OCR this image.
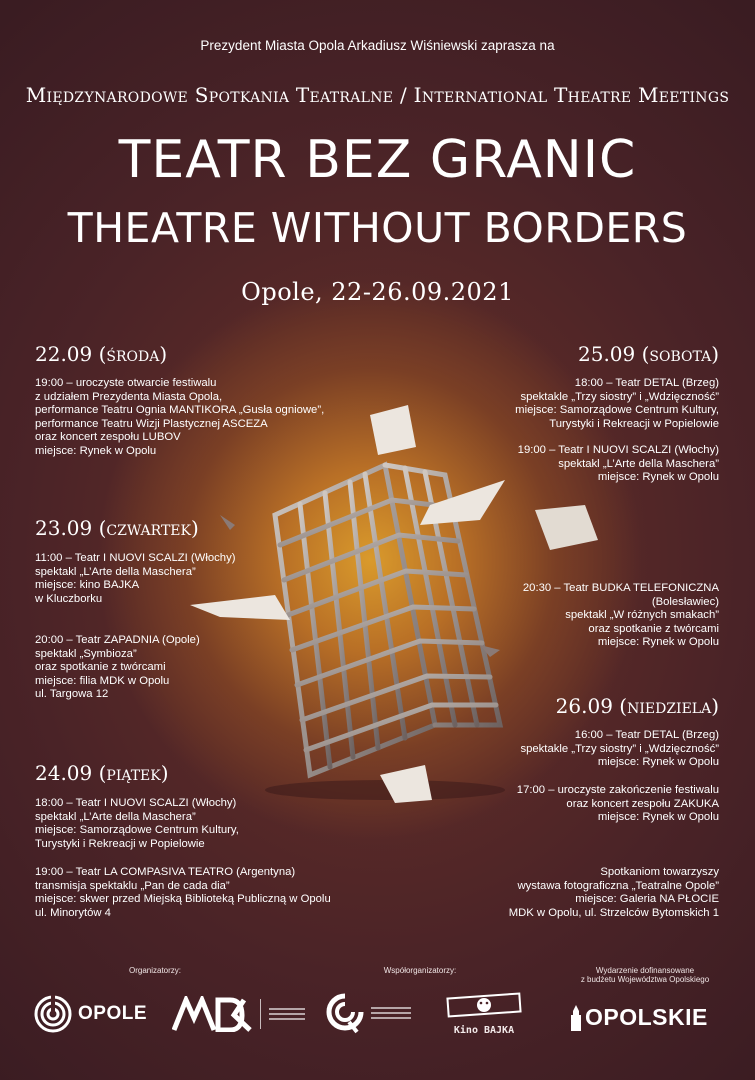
Prezydent Miasta Opola Arkadiusz Wiśniewski zaprasza na
Międzynarodowe Spotkania Teatralne / International Theatre Meetings
TEATR BEZ GRANIC
THEATRE WITHOUT BORDERS
Opole, 22-26.09.2021
22.09 (środa)
19:00 – uroczyste otwarcie festiwalu
z udziałem Prezydenta Miasta Opola,
performance Teatru Ognia MANTIKORA „Gusła ogniowe”,
performance Teatru Wizji Plastycznej ASCEZA
oraz koncert zespołu LUBOV
miejsce: Rynek w Opolu
23.09 (czwartek)
11:00 – Teatr I NUOVI SCALZI (Włochy)
spektakl „L’Arte della Maschera”
miejsce: kino BAJKA
w Kluczborku
20:00 – Teatr ZAPADNIA (Opole)
spektakl „Symbioza”
oraz spotkanie z twórcami
miejsce: filia MDK w Opolu
ul. Targowa 12
24.09 (piątek)
18:00 – Teatr I NUOVI SCALZI (Włochy)
spektakl „L’Arte della Maschera”
miejsce: Samorządowe Centrum Kultury,
Turystyki i Rekreacji w Popielowie
19:00 – Teatr LA COMPASIVA TEATRO (Argentyna)
transmisja spektaklu „Pan de cada dia”
miejsce: skwer przed Miejską Biblioteką Publiczną w Opolu
ul. Minorytów 4
25.09 (sobota)
18:00 – Teatr DETAL (Brzeg)
spektakle „Trzy siostry” i „Wdzięczność”
miejsce: Samorządowe Centrum Kultury,
Turystyki i Rekreacji w Popielowie
19:00 – Teatr I NUOVI SCALZI (Włochy)
spektakl „L’Arte della Maschera”
miejsce: Rynek w Opolu
20:30 – Teatr BUDKA TELEFONICZNA
(Bolesławiec)
spektakl „W różnych smakach”
oraz spotkanie z twórcami
miejsce: Rynek w Opolu
26.09 (niedziela)
16:00 – Teatr DETAL (Brzeg)
spektakle „Trzy siostry” i „Wdzięczność”
miejsce: Rynek w Opolu
17:00 – uroczyste zakończenie festiwalu
oraz koncert zespołu ZAKUKA
miejsce: Rynek w Opolu
Spotkaniom towarzyszy
wystawa fotograficzna „Teatralne Opole”
miejsce: Galeria NA PŁOCIE
MDK w Opolu, ul. Strzelców Bytomskich 1
Organizatorzy:	Współorganizatorzy:	Wydarzenie dofinansowane
z budżetu Województwa Opolskiego
OPOLE
Kino BAJKA
OPOLSKIE
